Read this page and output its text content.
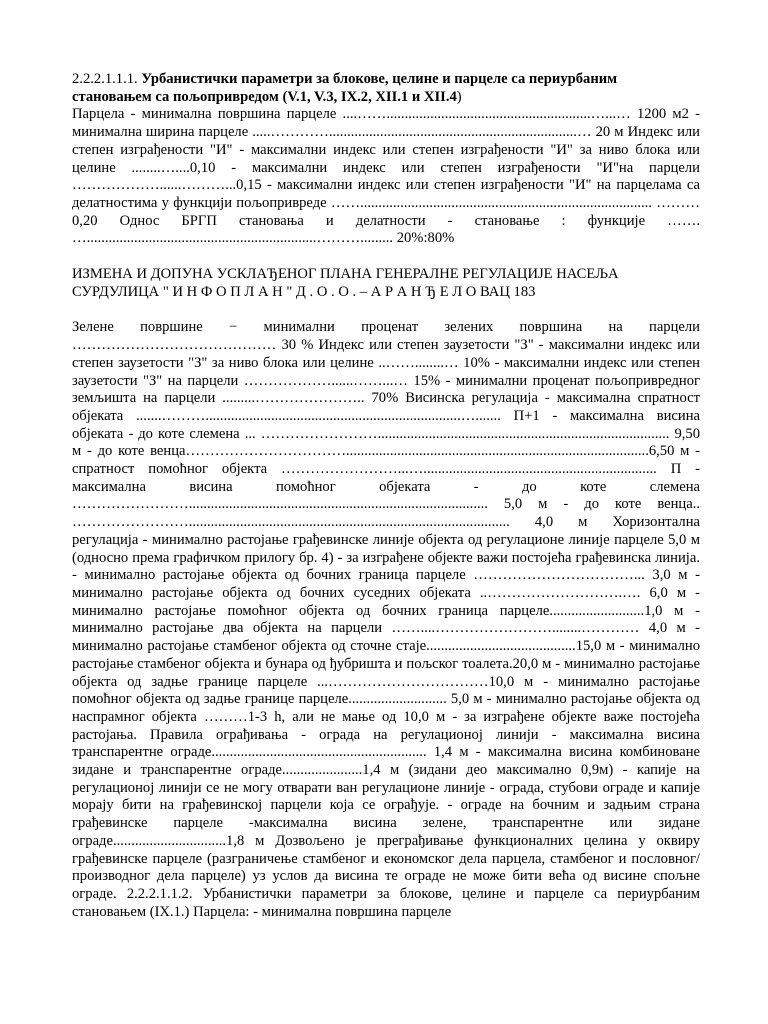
2.2.2.1.1.1. Урбанистички параметри за блокове, целине и парцеле са периурбаним становањем са пољопривредом (V.1, V.3, IX.2, XII.1 и XII.4)

Парцела - минимална површина парцеле ....……........................................................…...… 1200 м2 - минимална ширина парцеле .....…………....................................................................… 20 м Индекс или степен изграђености "И" - максимални индекс или степен изграђености "И" за ниво блока или целине ........…....0,10 - максимални индекс или степен изграђености "И"на парцели ………………......………...0,15 - максимални индекс или степен изграђености "И" на парцелама са делатностима у функцији пољопривреде ……................................................................................ ………0,20 Однос БРГП становања и делатности - становање : функције ……. …...............................................................………......... 20%:80%

ИЗМЕНА И ДОПУНА УСКЛАЂЕНОГ ПЛАНА ГЕНЕРАЛНЕ РЕГУЛАЦИЈЕ НАСЕЉА СУРДУЛИЦА " И Н Ф О П Л А Н " Д . О . О . – А Р А Н Ђ Е Л О ВАЦ 183

Зелене површине − минимални проценат зелених површина на парцели …………………………………… 30 % Индекс или степен заузетости "З" - максимални индекс или степен заузетости "З" за ниво блока или целине ..……........… 10% - максимални индекс или степен заузетости "З" на парцели ………………......……...… 15% - минимални проценат пољопривредног земљишта на парцели .........………………….. 70% Висинска регулација - максимална спратност објеката .......………......................................................................…....... П+1 - максимална висина објеката - до коте слемена ... ……………………................................................................................ 9,50 м - до коте венца……………………………...................................................................................6,50 м - спратност помоћног објекта ……………………...…................................................................ П - максимална висина помоћног објеката - до коте слемена …………………….................................................................................. 5,0 м - до коте венца.. ……………………........................................................................................ 4,0 м Хоризонтална регулација - минимално растојање грађевинске линије објекта од регулационе линије парцеле 5,0 м (односно према графичком прилогу бр. 4) - за изграђене објекте важи постојећа грађевинска линија. - минимално растојање објекта од бочних граница парцеле ……………………………... 3,0 м - минимално растојање објекта од бочних суседних објеката ..……………………….…. 6,0 м - минимално растојање помоћног објекта од бочних граница парцеле..........................1,0 м - минимално растојање два објекта на парцели ……....……………………........………… 4,0 м - минимално растојање стамбеног објекта од сточне стаје.........................................15,0 м - минимално растојање стамбеног објекта и бунара од ђубришта и пољског тоалета.20,0 м - минимално растојање објекта од задње границе парцеле ...……………………………10,0 м - минимално растојање помоћног објекта од задње границе парцеле........................... 5,0 м - минимално растојање објекта од наспрамног објекта ………1-3 h, али не мање од 10,0 м - за изграђене објекте важе постојећа растојања. Правила ограђивања - ограда на регулационој линији - максимална висина транспарентне ограде........................................................... 1,4 м - максимална висина комбиноване зидане и транспарентне ограде......................1,4 м (зидани део максимално 0,9м) - капије на регулационој линији се не могу отварати ван регулационе линије - ограда, стубови ограде и капије морају бити на грађевинској парцели која се ограђује. - ограде на бочним и задњим страна грађевинске парцеле -максимална висина зелене, транспарентне или зидане ограде...............................1,8 м Дозвољено је преграђивање функционалних целина у оквиру грађевинске парцеле (разграничење стамбеног и економског дела парцела, стамбеног и пословног/производног дела парцеле) уз услов да висина те ограде не може бити већа од висине спољне ограде. 2.2.2.1.1.2. Урбанистички параметри за блокове, целине и парцеле са периурбаним становањем (IX.1.) Парцела: - минимална површина парцеле
